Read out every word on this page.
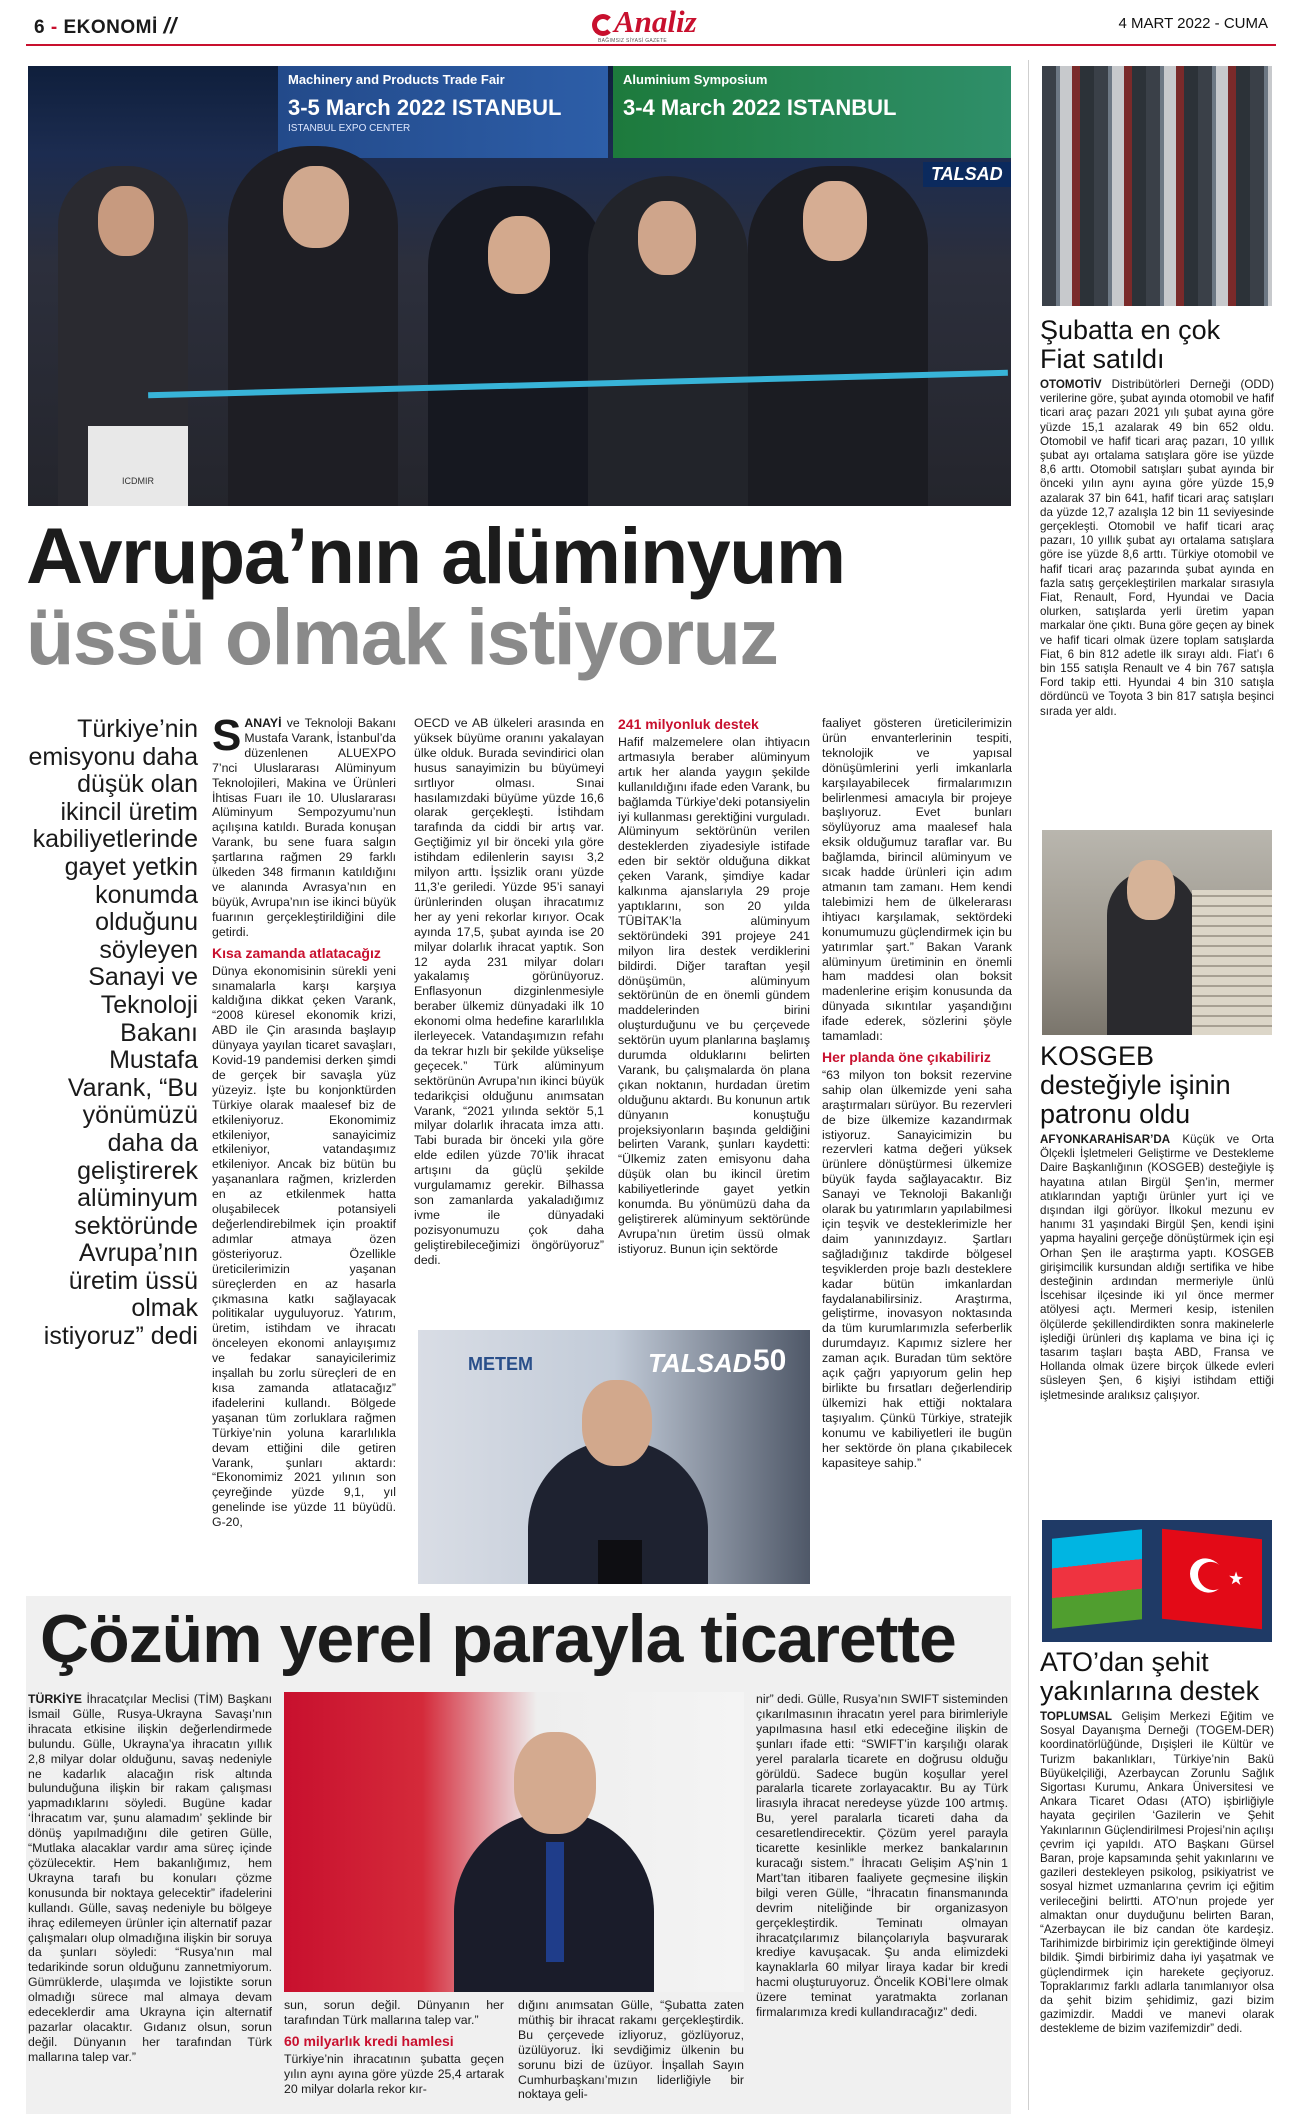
6 - EKONOMİ //	Analiz
BAĞIMSIZ SİYASİ GAZETE
4 MART 2022 - CUMA
Machinery and Products Trade Fair
3-5 March 2022 ISTANBUL
ISTANBUL EXPO CENTER
Aluminium Symposium
3-4 March 2022 ISTANBUL
TALSAD
ICDMIR
Şubatta en çok
Fiat satıldı
OTOMOTİV Distribütörleri Derneği (ODD) verilerine göre, şubat ayında otomobil ve hafif ticari araç pazarı 2021 yılı şubat ayına göre yüzde 15,1 azalarak 49 bin 652 oldu. Otomobil ve hafif ticari araç pazarı, 10 yıllık şubat ayı ortalama satışlara göre ise yüzde 8,6 arttı. Otomobil satışları şubat ayında bir önceki yılın aynı ayına göre yüzde 15,9 azalarak 37 bin 641, hafif ticari araç satışları da yüzde 12,7 azalışla 12 bin 11 seviyesinde gerçekleşti. Otomobil ve hafif ticari araç pazarı, 10 yıllık şubat ayı ortalama satışlara göre ise yüzde 8,6 arttı. Türkiye otomobil ve hafif ticari araç pazarında şubat ayında en fazla satış gerçekleştirilen markalar sırasıyla Fiat, Renault, Ford, Hyundai ve Dacia olurken, satışlarda yerli üretim yapan markalar öne çıktı. Buna göre geçen ay binek ve hafif ticari olmak üzere toplam satışlarda Fiat, 6 bin 812 adetle ilk sırayı aldı. Fiat’ı 6 bin 155 satışla Renault ve 4 bin 767 satışla Ford takip etti. Hyundai 4 bin 310 satışla dördüncü ve Toyota 3 bin 817 satışla beşinci sırada yer aldı.
KOSGEB
desteğiyle işinin
patronu oldu
AFYONKARAHİSAR’DA Küçük ve Orta Ölçekli İşletmeleri Geliştirme ve Destekleme Daire Başkanlığının (KOSGEB) desteğiyle iş hayatına atılan Birgül Şen’in, mermer atıklarından yaptığı ürünler yurt içi ve dışından ilgi görüyor. İlkokul mezunu ev hanımı 31 yaşındaki Birgül Şen, kendi işini yapma hayalini gerçeğe dönüştürmek için eşi Orhan Şen ile araştırma yaptı. KOSGEB girişimcilik kursundan aldığı sertifika ve hibe desteğinin ardından mermeriyle ünlü İscehisar ilçesinde iki yıl önce mermer atölyesi açtı. Mermeri kesip, istenilen ölçülerde şekillendirdikten sonra makinelerle işlediği ürünleri dış kaplama ve bina içi iç tasarım taşları başta ABD, Fransa ve Hollanda olmak üzere birçok ülkede evleri süsleyen Şen, 6 kişiyi istihdam ettiği işletmesinde aralıksız çalışıyor.
★
ATO’dan şehit
yakınlarına destek
TOPLUMSAL Gelişim Merkezi Eğitim ve Sosyal Dayanışma Derneği (TOGEM-DER) koordinatörlüğünde, Dışişleri ile Kültür ve Turizm bakanlıkları, Türkiye’nin Bakü Büyükelçiliği, Azerbaycan Zorunlu Sağlık Sigortası Kurumu, Ankara Üniversitesi ve Ankara Ticaret Odası (ATO) işbirliğiyle hayata geçirilen ‘Gazilerin ve Şehit Yakınlarının Güçlendirilmesi Projesi’nin açılışı çevrim içi yapıldı. ATO Başkanı Gürsel Baran, proje kapsamında şehit yakınlarını ve gazileri destekleyen psikolog, psikiyatrist ve sosyal hizmet uzmanlarına çevrim içi eğitim verileceğini belirtti. ATO’nun projede yer almaktan onur duyduğunu belirten Baran, “Azerbaycan ile biz candan öte kardeşiz. Tarihimizde birbirimiz için gerektiğinde ölmeyi bildik. Şimdi birbirimiz daha iyi yaşatmak ve güçlendirmek için harekete geçiyoruz. Topraklarımız farklı adlarla tanımlanıyor olsa da şehit bizim şehidimiz, gazi bizim gazimizdir. Maddi ve manevi olarak destekleme de bizim vazifemizdir” dedi.
Avrupa’nın alüminyum
üssü olmak istiyoruz
Türkiye’nin emisyonu daha düşük olan ikincil üretim kabiliyetlerinde gayet yetkin konumda olduğunu söyleyen Sanayi ve Teknoloji Bakanı Mustafa Varank, “Bu yönümüzü daha da geliştirerek alüminyum sektöründe Avrupa’nın üretim üssü olmak istiyoruz” dedi

S ANAYİ ve Teknoloji Bakanı Mustafa Varank, İstanbul’da düzenlenen ALUEXPO 7’nci Uluslararası Alüminyum Teknolojileri, Makina ve Ürünleri İhtisas Fuarı ile 10. Uluslararası Alüminyum Sempozyumu’nun açılışına katıldı. Burada konuşan Varank, bu sene fuara salgın şartlarına rağmen 29 farklı ülkeden 348 firmanın katıldığını ve alanında Avrasya’nın en büyük, Avrupa’nın ise ikinci büyük fuarının gerçekleştirildiğini dile getirdi.

Kısa zamanda atlatacağız

Dünya ekonomisinin sürekli yeni sınamalarla karşı karşıya kaldığına dikkat çeken Varank, “2008 küresel ekonomik krizi, ABD ile Çin arasında başlayıp dünyaya yayılan ticaret savaşları, Kovid-19 pandemisi derken şimdi de gerçek bir savaşla yüz yüzeyiz. İşte bu konjonktürden Türkiye olarak maalesef biz de etkileniyoruz. Ekonomimiz etkileniyor, sanayicimiz etkileniyor, vatandaşımız etkileniyor. Ancak biz bütün bu yaşananlara rağmen, krizlerden en az etkilenmek hatta oluşabilecek potansiyeli değerlendirebilmek için proaktif adımlar atmaya özen gösteriyoruz. Özellikle üreticilerimizin yaşanan süreçlerden en az hasarla çıkmasına katkı sağlayacak politikalar uyguluyoruz. Yatırım, üretim, istihdam ve ihracatı önceleyen ekonomi anlayışımız ve fedakar sanayicilerimiz inşallah bu zorlu süreçleri de en kısa zamanda atlatacağız” ifadelerini kullandı. Bölgede yaşanan tüm zorluklara rağmen Türkiye’nin yoluna kararlılıkla devam ettiğini dile getiren Varank, şunları aktardı: “Ekonomimiz 2021 yılının son çeyreğinde yüzde 9,1, yıl genelinde ise yüzde 11 büyüdü. G-20,

OECD ve AB ülkeleri arasında en yüksek büyüme oranını yakalayan ülke olduk. Burada sevindirici olan husus sanayimizin bu büyümeyi sırtlıyor olması. Sınai hasılamızdaki büyüme yüzde 16,6 olarak gerçekleşti. İstihdam tarafında da ciddi bir artış var. Geçtiğimiz yıl bir önceki yıla göre istihdam edilenlerin sayısı 3,2 milyon arttı. İşsizlik oranı yüzde 11,3’e geriledi. Yüzde 95’i sanayi ürünlerinden oluşan ihracatımız her ay yeni rekorlar kırıyor. Ocak ayında 17,5, şubat ayında ise 20 milyar dolarlık ihracat yaptık. Son 12 ayda 231 milyar doları yakalamış görünüyoruz. Enflasyonun dizginlenmesiyle beraber ülkemiz dünyadaki ilk 10 ekonomi olma hedefine kararlılıkla ilerleyecek. Vatandaşımızın refahı da tekrar hızlı bir şekilde yükselişe geçecek.” Türk alüminyum sektörünün Avrupa’nın ikinci büyük tedarikçisi olduğunu anımsatan Varank, “2021 yılında sektör 5,1 milyar dolarlık ihracata imza attı. Tabi burada bir önceki yıla göre elde edilen yüzde 70’lik ihracat artışını da güçlü şekilde vurgulamamız gerekir. Bilhassa son zamanlarda yakaladığımız ivme ile dünyadaki pozisyonumuzu çok daha geliştirebileceğimizi öngörüyoruz” dedi.

241 milyonluk destek

Hafif malzemelere olan ihtiyacın artmasıyla beraber alüminyum artık her alanda yaygın şekilde kullanıldığını ifade eden Varank, bu bağlamda Türkiye’deki potansiyelin iyi kullanması gerektiğini vurguladı. Alüminyum sektörünün verilen desteklerden ziyadesiyle istifade eden bir sektör olduğuna dikkat çeken Varank, şimdiye kadar kalkınma ajanslarıyla 29 proje yaptıklarını, son 20 yılda TÜBİTAK’la alüminyum sektöründeki 391 projeye 241 milyon lira destek verdiklerini bildirdi. Diğer taraftan yeşil dönüşümün, alüminyum sektörünün de en önemli gündem maddelerinden birini oluşturduğunu ve bu çerçevede sektörün uyum planlarına başlamış durumda olduklarını belirten Varank, bu çalışmalarda ön plana çıkan noktanın, hurdadan üretim olduğunu aktardı. Bu konunun artık dünyanın konuştuğu projeksiyonların başında geldiğini belirten Varank, şunları kaydetti: “Ülkemiz zaten emisyonu daha düşük olan bu ikincil üretim kabiliyetlerinde gayet yetkin konumda. Bu yönümüzü daha da geliştirerek alüminyum sektöründe Avrupa’nın üretim üssü olmak istiyoruz. Bunun için sektörde

faaliyet gösteren üreticilerimizin ürün envanterlerinin tespiti, teknolojik ve yapısal dönüşümlerini yerli imkanlarla karşılayabilecek firmalarımızın belirlenmesi amacıyla bir projeye başlıyoruz. Evet bunları söylüyoruz ama maalesef hala eksik olduğumuz taraflar var. Bu bağlamda, birincil alüminyum ve sıcak hadde ürünleri için adım atmanın tam zamanı. Hem kendi talebimizi hem de ülkelerarası ihtiyacı karşılamak, sektördeki konumumuzu güçlendirmek için bu yatırımlar şart.” Bakan Varank alüminyum üretiminin en önemli ham maddesi olan boksit madenlerine erişim konusunda da dünyada sıkıntılar yaşandığını ifade ederek, sözlerini şöyle tamamladı:

Her planda öne çıkabiliriz

“63 milyon ton boksit rezervine sahip olan ülkemizde yeni saha araştırmaları sürüyor. Bu rezervleri de bize ülkemize kazandırmak istiyoruz. Sanayicimizin bu rezervleri katma değeri yüksek ürünlere dönüştürmesi ülkemize büyük fayda sağlayacaktır. Biz Sanayi ve Teknoloji Bakanlığı olarak bu yatırımların yapılabilmesi için teşvik ve desteklerimizle her daim yanınızdayız. Şartları sağladığınız takdirde bölgesel teşviklerden proje bazlı desteklere kadar bütün imkanlardan faydalanabilirsiniz. Araştırma, geliştirme, inovasyon noktasında da tüm kurumlarımızla seferberlik durumdayız. Kapımız sizlere her zaman açık. Buradan tüm sektöre açık çağrı yapıyorum gelin hep birlikte bu fırsatları değerlendirip ülkemizi hak ettiği noktalara taşıyalım. Çünkü Türkiye, stratejik konumu ve kabiliyetleri ile bugün her sektörde ön plana çıkabilecek kapasiteye sahip.”

METEM	TALSAD 50
Çözüm yerel parayla ticarette

TÜRKİYE İhracatçılar Meclisi (TİM) Başkanı İsmail Gülle, Rusya-Ukrayna Savaşı’nın ihracata etkisine ilişkin değerlendirmede bulundu. Gülle, Ukrayna’ya ihracatın yıllık 2,8 milyar dolar olduğunu, savaş nedeniyle ne kadarlık alacağın risk altında bulunduğuna ilişkin bir rakam çalışması yapmadıklarını söyledi. Bugüne kadar ‘İhracatım var, şunu alamadım’ şeklinde bir dönüş yapılmadığını dile getiren Gülle, “Mutlaka alacaklar vardır ama süreç içinde çözülecektir. Hem bakanlığımız, hem Ukrayna tarafı bu konuları çözme konusunda bir noktaya gelecektir” ifadelerini kullandı. Gülle, savaş nedeniyle bu bölgeye ihraç edilemeyen ürünler için alternatif pazar çalışmaları olup olmadığına ilişkin bir soruya da şunları söyledi: “Rusya’nın mal tedarikinde sorun olduğunu zannetmiyorum. Gümrüklerde, ulaşımda ve lojistikte sorun olmadığı sürece mal almaya devam edeceklerdir ama Ukrayna için alternatif pazarlar olacaktır. Gıdanız olsun, sorun değil. Dünyanın her tarafından Türk mallarına talep var.”

sun, sorun değil. Dünyanın her tarafından Türk mallarına talep var.”

60 milyarlık kredi hamlesi

Türkiye’nin ihracatının şubatta geçen yılın aynı ayına göre yüzde 25,4 artarak 20 milyar dolarla rekor kır-

dığını anımsatan Gülle, “Şubatta zaten müthiş bir ihracat rakamı gerçekleştirdik. Bu çerçevede izliyoruz, gözlüyoruz, üzülüyoruz. İki sevdiğimiz ülkenin bu sorunu bizi de üzüyor. İnşallah Sayın Cumhurbaşkanı’mızın liderliğiyle bir noktaya geli-

nir” dedi. Gülle, Rusya’nın SWIFT sisteminden çıkarılmasının ihracatın yerel para birimleriyle yapılmasına hasıl etki edeceğine ilişkin de şunları ifade etti: “SWIFT’in karşılığı olarak yerel paralarla ticarete en doğrusu olduğu görüldü. Sadece bugün koşullar yerel paralarla ticarete zorlayacaktır. Bu ay Türk lirasıyla ihracat neredeyse yüzde 100 artmış. Bu, yerel paralarla ticareti daha da cesaretlendirecektir. Çözüm yerel parayla ticarette kesinlikle merkez bankalarının kuracağı sistem.” İhracatı Gelişim AŞ’nin 1 Mart’tan itibaren faaliyete geçmesine ilişkin bilgi veren Gülle, “İhracatın finansmanında devrim niteliğinde bir organizasyon gerçekleştirdik. Teminatı olmayan ihracatçılarımız bilançolarıyla başvurarak krediye kavuşacak. Şu anda elimizdeki kaynaklarla 60 milyar liraya kadar bir kredi hacmi oluşturuyoruz. Öncelik KOBİ’lere olmak üzere teminat yaratmakta zorlanan firmalarımıza kredi kullandıracağız” dedi.
